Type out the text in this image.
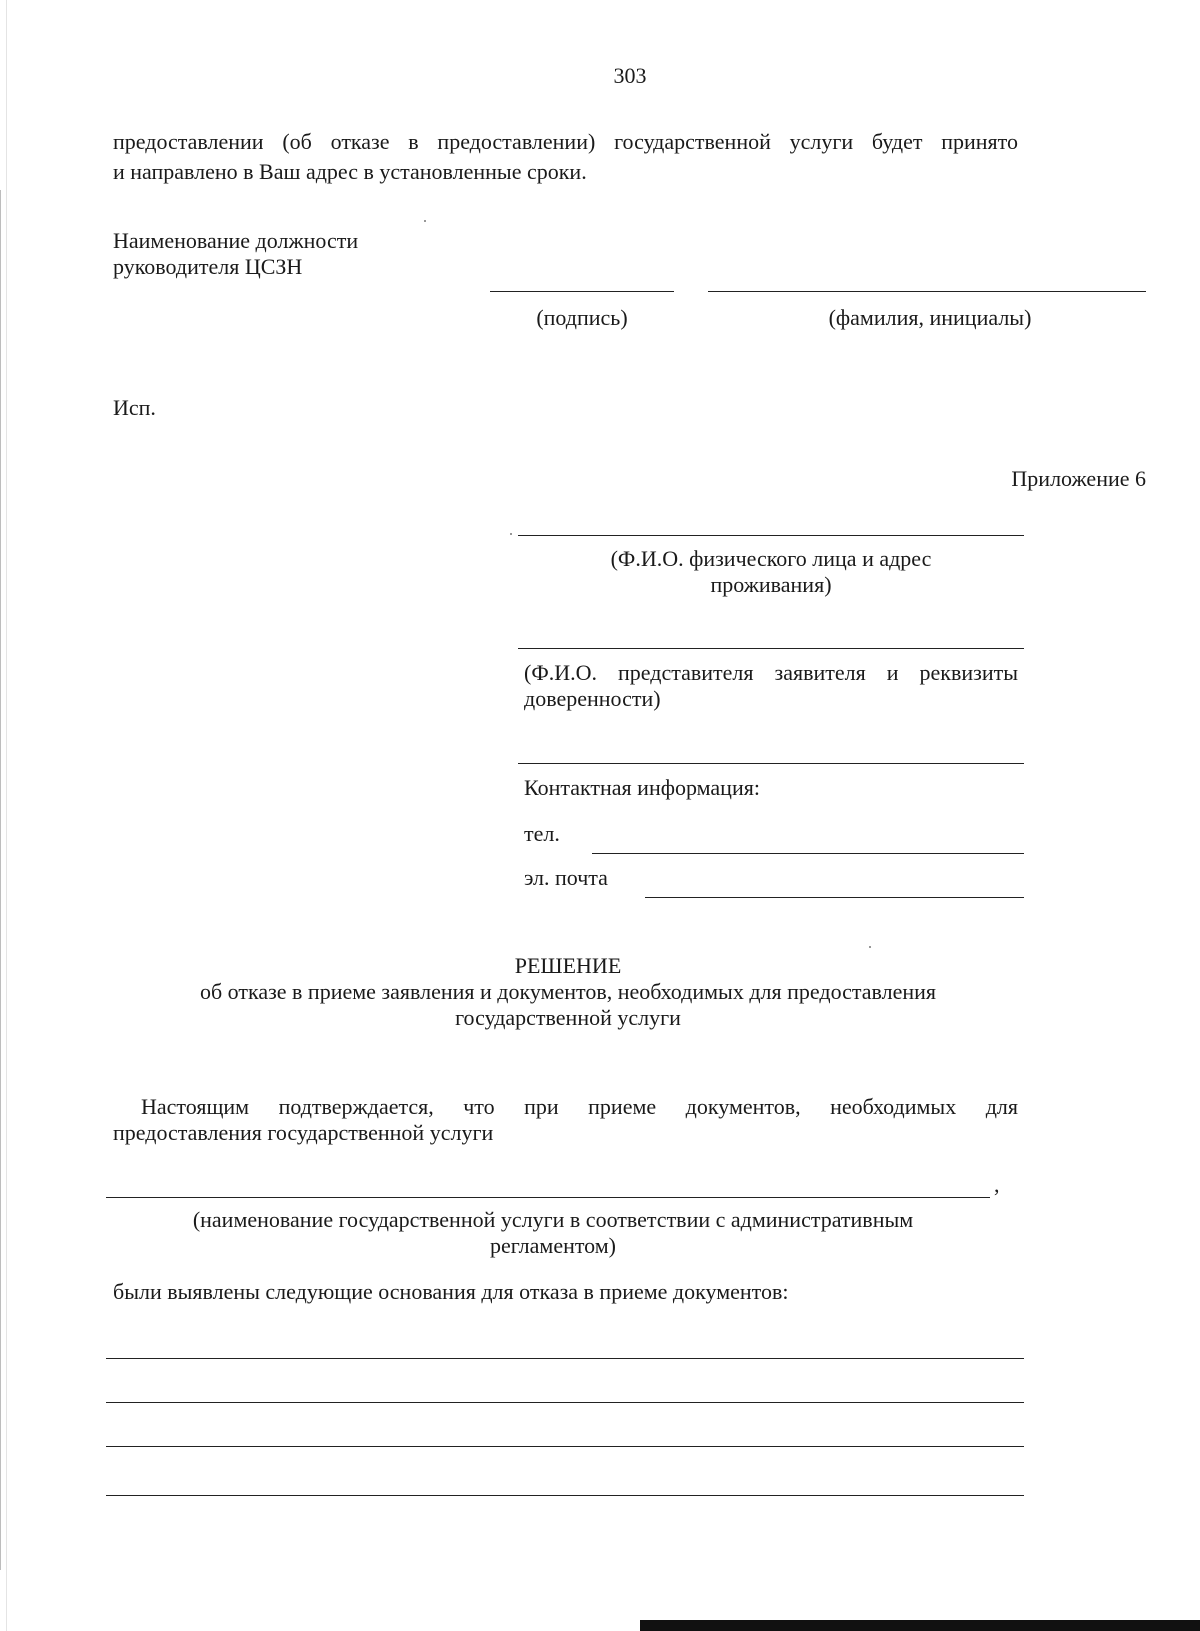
303
предоставлении (об отказе в предоставлении) государственной услуги будет принято
и направлено в Ваш адрес в установленные сроки.
Наименование должности
руководителя ЦСЗН
(подпись)	(фамилия, инициалы)
Исп.
Приложение 6
(Ф.И.О. физического лица и адрес
проживания)
(Ф.И.О. представителя заявителя и реквизиты
доверенности)
Контактная информация:
тел.
эл. почта
РЕШЕНИЕ
об отказе в приеме заявления и документов, необходимых для предоставления
государственной услуги
Настоящим подтверждается, что при приеме документов, необходимых для
предоставления государственной услуги
,
(наименование государственной услуги в соответствии с административным
регламентом)
были выявлены следующие основания для отказа в приеме документов:
